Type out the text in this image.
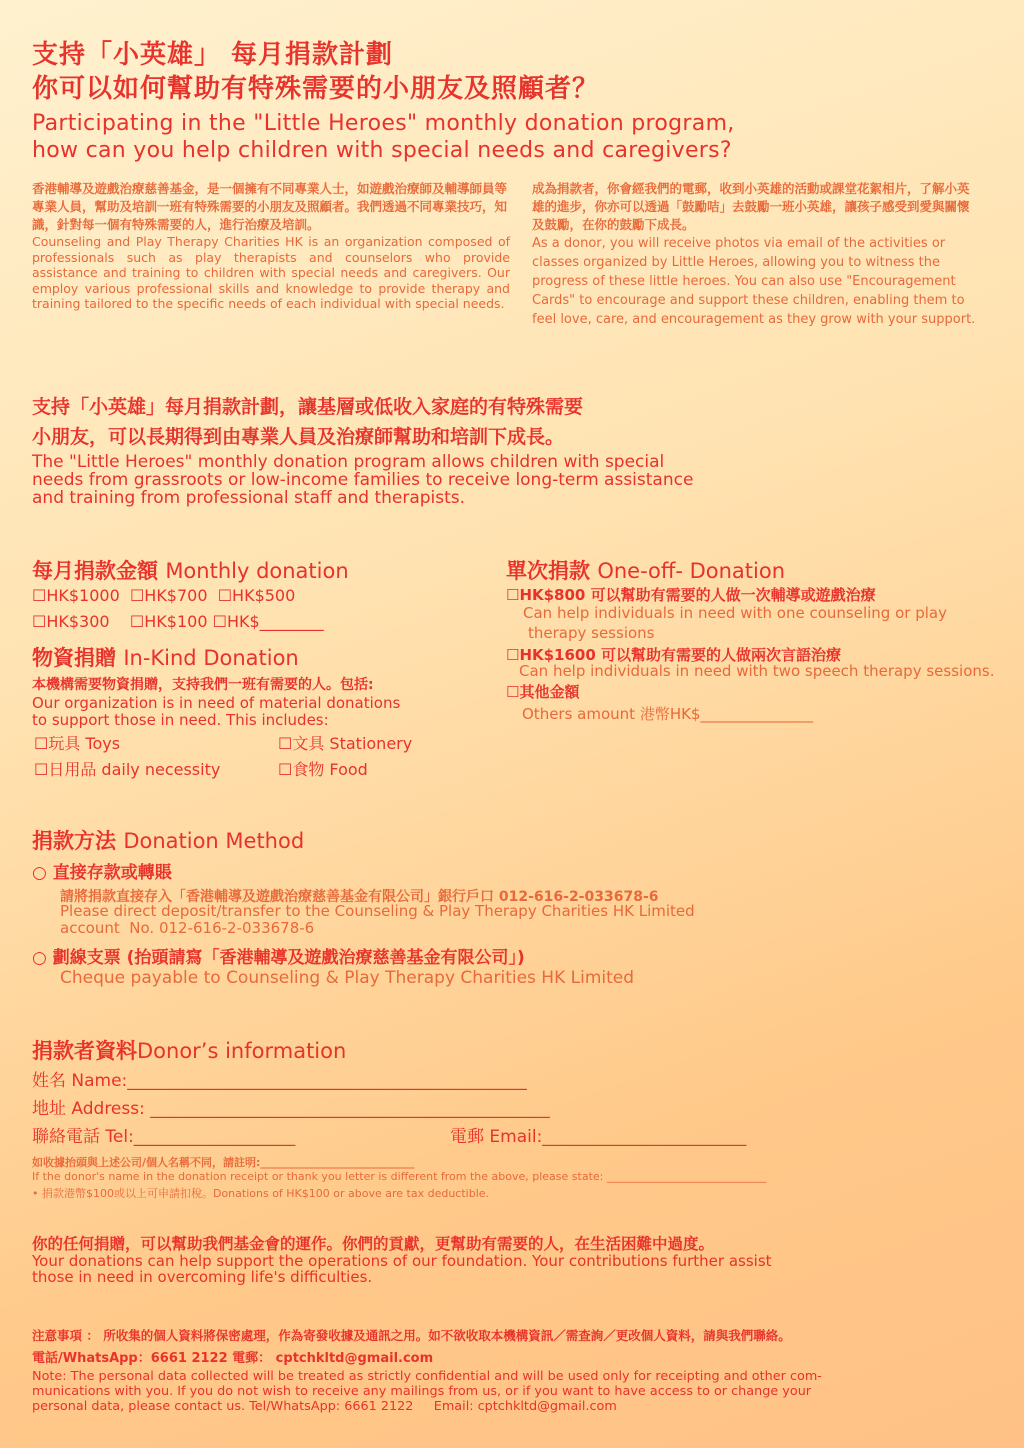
支持「小英雄」 每月捐款計劃
你可以如何幫助有特殊需要的小朋友及照顧者？
Participating in the "Little Heroes" monthly donation program,
how can you help children with special needs and caregivers?

香港輔導及遊戲治療慈善基金，是一個擁有不同專業人士，如遊戲治療師及輔導師員等專業人員，幫助及培訓一班有特殊需要的小朋友及照顧者。我們透過不同專業技巧，知識，針對每一個有特殊需要的人，進行治療及培訓。

Counseling and Play Therapy Charities HK is an organization composed of professionals such as play therapists and counselors who provide assistance and training to children with special needs and caregivers. Our employ various professional skills and knowledge to provide therapy and training tailored to the specific needs of each individual with special needs.

成為捐款者，你會經我們的電郵，收到小英雄的活動或課堂花絮相片，了解小英雄的進步，你亦可以透過「鼓勵咭」去鼓勵一班小英雄，讓孩子感受到愛與關懷及鼓勵，在你的鼓勵下成長。

As a donor, you will receive photos via email of the activities or classes organized by Little Heroes, allowing you to witness the progress of these little heroes. You can also use "Encouragement Cards" to encourage and support these children, enabling them to feel love, care, and encouragement as they grow with your support.

支持「小英雄」每月捐款計劃，讓基層或低收入家庭的有特殊需要
小朋友，可以長期得到由專業人員及治療師幫助和培訓下成長。
The "Little Heroes" monthly donation program allows children with special
needs from grassroots or low-income families to receive long-term assistance
and training from professional staff and therapists.
每月捐款金額 Monthly donation
☐HK$1000  ☐HK$700  ☐HK$500
☐HK$300    ☐HK$100 ☐HK$________
物資捐贈 In-Kind Donation
本機構需要物資捐贈，支持我們一班有需要的人。包括:
Our organization is in need of material donations
to support those in need. This includes:
☐玩具 Toys	☐文具 Stationery
☐日用品 daily necessity	☐食物 Food
單次捐款 One-off- Donation
☐HK$800 可以幫助有需要的人做一次輔導或遊戲治療
Can help individuals in need with one counseling or play
therapy sessions
☐HK$1600 可以幫助有需要的人做兩次言語治療
Can help individuals in need with two speech therapy sessions.
☐其他金額
Others amount 港幣HK$_______________
捐款方法 Donation Method
○ 直接存款或轉賬
請將捐款直接存入「香港輔導及遊戲治療慈善基金有限公司」銀行戶口 012-616-2-033678-6
Please direct deposit/transfer to the Counseling & Play Therapy Charities HK Limited
account  No. 012-616-2-033678-6
○ 劃線支票 (抬頭請寫「香港輔導及遊戲治療慈善基金有限公司」)
Cheque payable to Counseling & Play Therapy Charities HK Limited
捐款者資料Donor’s information
姓名 Name:_______________________________________________
地址 Address: _______________________________________________
聯絡電話 Tel:___________________	電郵 Email:________________________
如收據抬頭與上述公司/個人名稱不同，請註明:____________________________
If the donor's name in the donation receipt or thank you letter is different from the above, please state: _____________________________
• 捐款港幣$100或以上可申請扣稅。Donations of HK$100 or above are tax deductible.
你的任何捐贈，可以幫助我們基金會的運作。你們的貢獻，更幫助有需要的人，在生活困難中過度。
Your donations can help support the operations of our foundation. Your contributions further assist
those in need in overcoming life's difficulties.
注意事項 ： 所收集的個人資料將保密處理，作為寄發收據及通訊之用。如不欲收取本機構資訊／需查詢／更改個人資料，請與我們聯絡。
電話/WhatsApp：6661 2122 電郵： cptchkltd@gmail.com
Note: The personal data collected will be treated as strictly confidential and will be used only for receipting and other com-
munications with you. If you do not wish to receive any mailings from us, or if you want to have access to or change your
personal data, please contact us. Tel/WhatsApp: 6661 2122     Email: cptchkltd@gmail.com
